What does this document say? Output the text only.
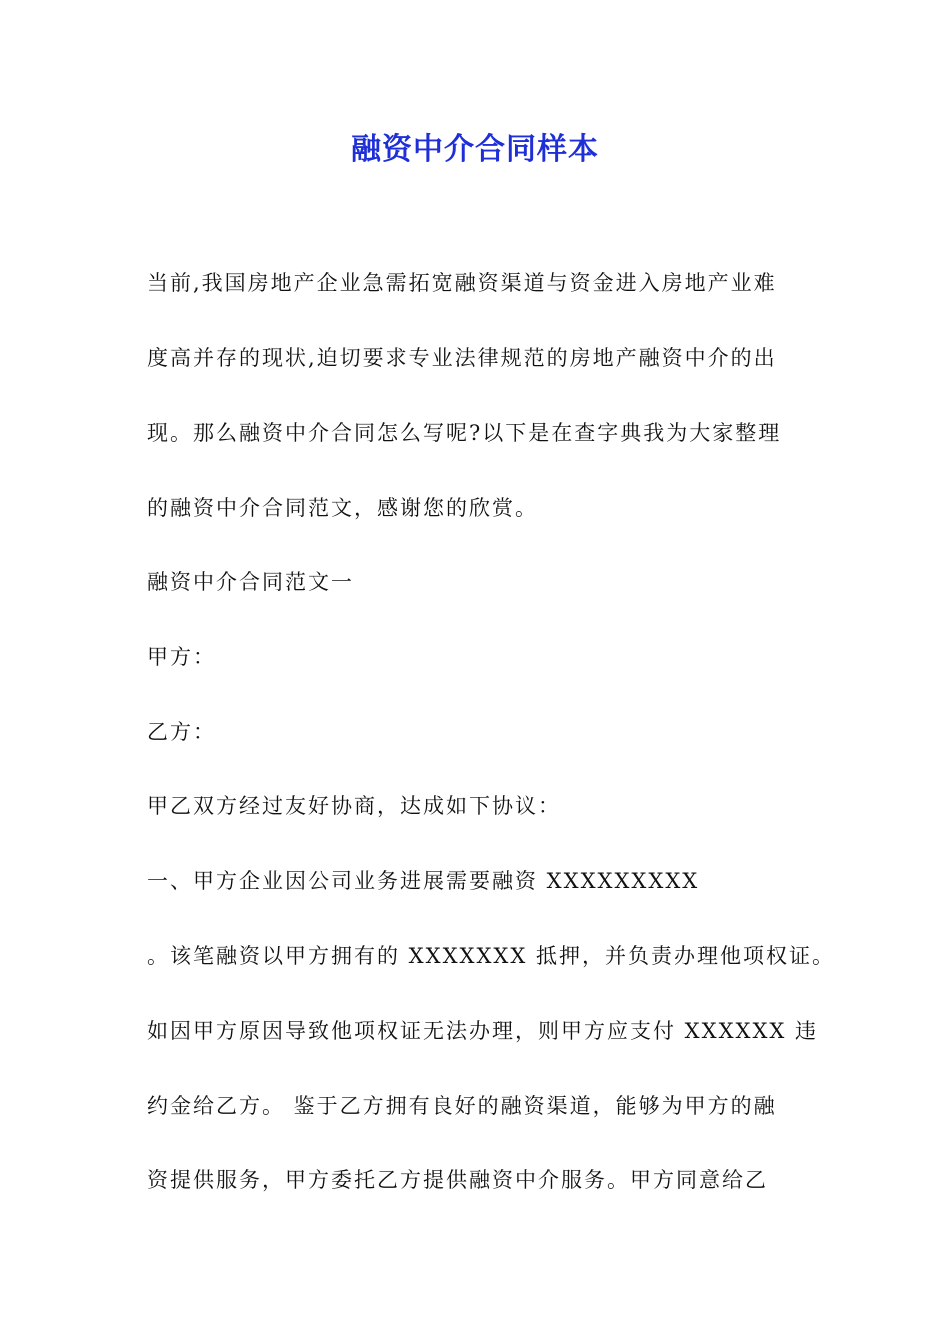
融资中介合同样本
当前,我国房地产企业急需拓宽融资渠道与资金进入房地产业难
度高并存的现状,迫切要求专业法律规范的房地产融资中介的出
现。那么融资中介合同怎么写呢?以下是在查字典我为大家整理
的融资中介合同范文，感谢您的欣赏。
融资中介合同范文一
甲方：
乙方：
甲乙双方经过友好协商，达成如下协议：
一、甲方企业因公司业务进展需要融资 XXXXXXXXX
。该笔融资以甲方拥有的 XXXXXXX 抵押，并负责办理他项权证。
如因甲方原因导致他项权证无法办理，则甲方应支付 XXXXXX 违
约金给乙方。 鉴于乙方拥有良好的融资渠道，能够为甲方的融
资提供服务，甲方委托乙方提供融资中介服务。甲方同意给乙
